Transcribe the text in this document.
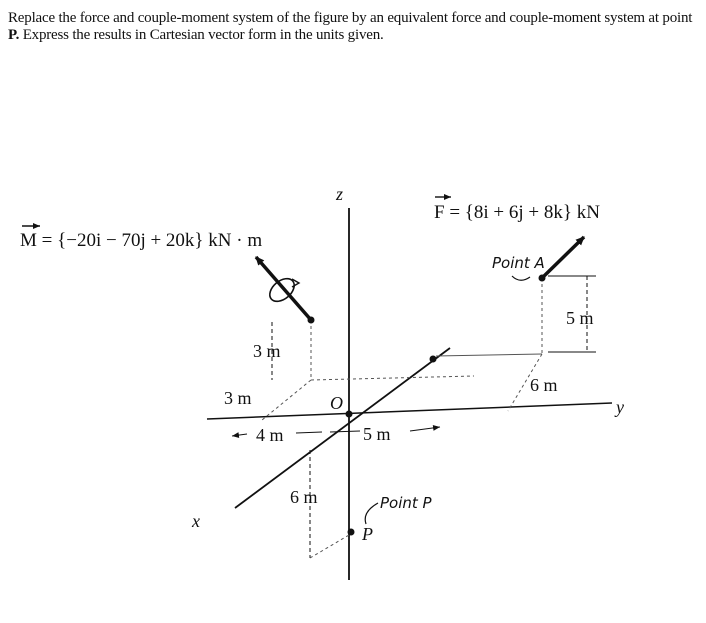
Replace the force and couple-moment system of the figure by an equivalent force and couple-moment system at point P. Express the results in Cartesian vector form in the units given.
z
y
x
O
3 m
3 m
4 m	5 m
5 m
6 m
Point A
6 m	Point P
P
M = {−20i − 70j + 20k} kN · m
F = {8i + 6j + 8k} kN
